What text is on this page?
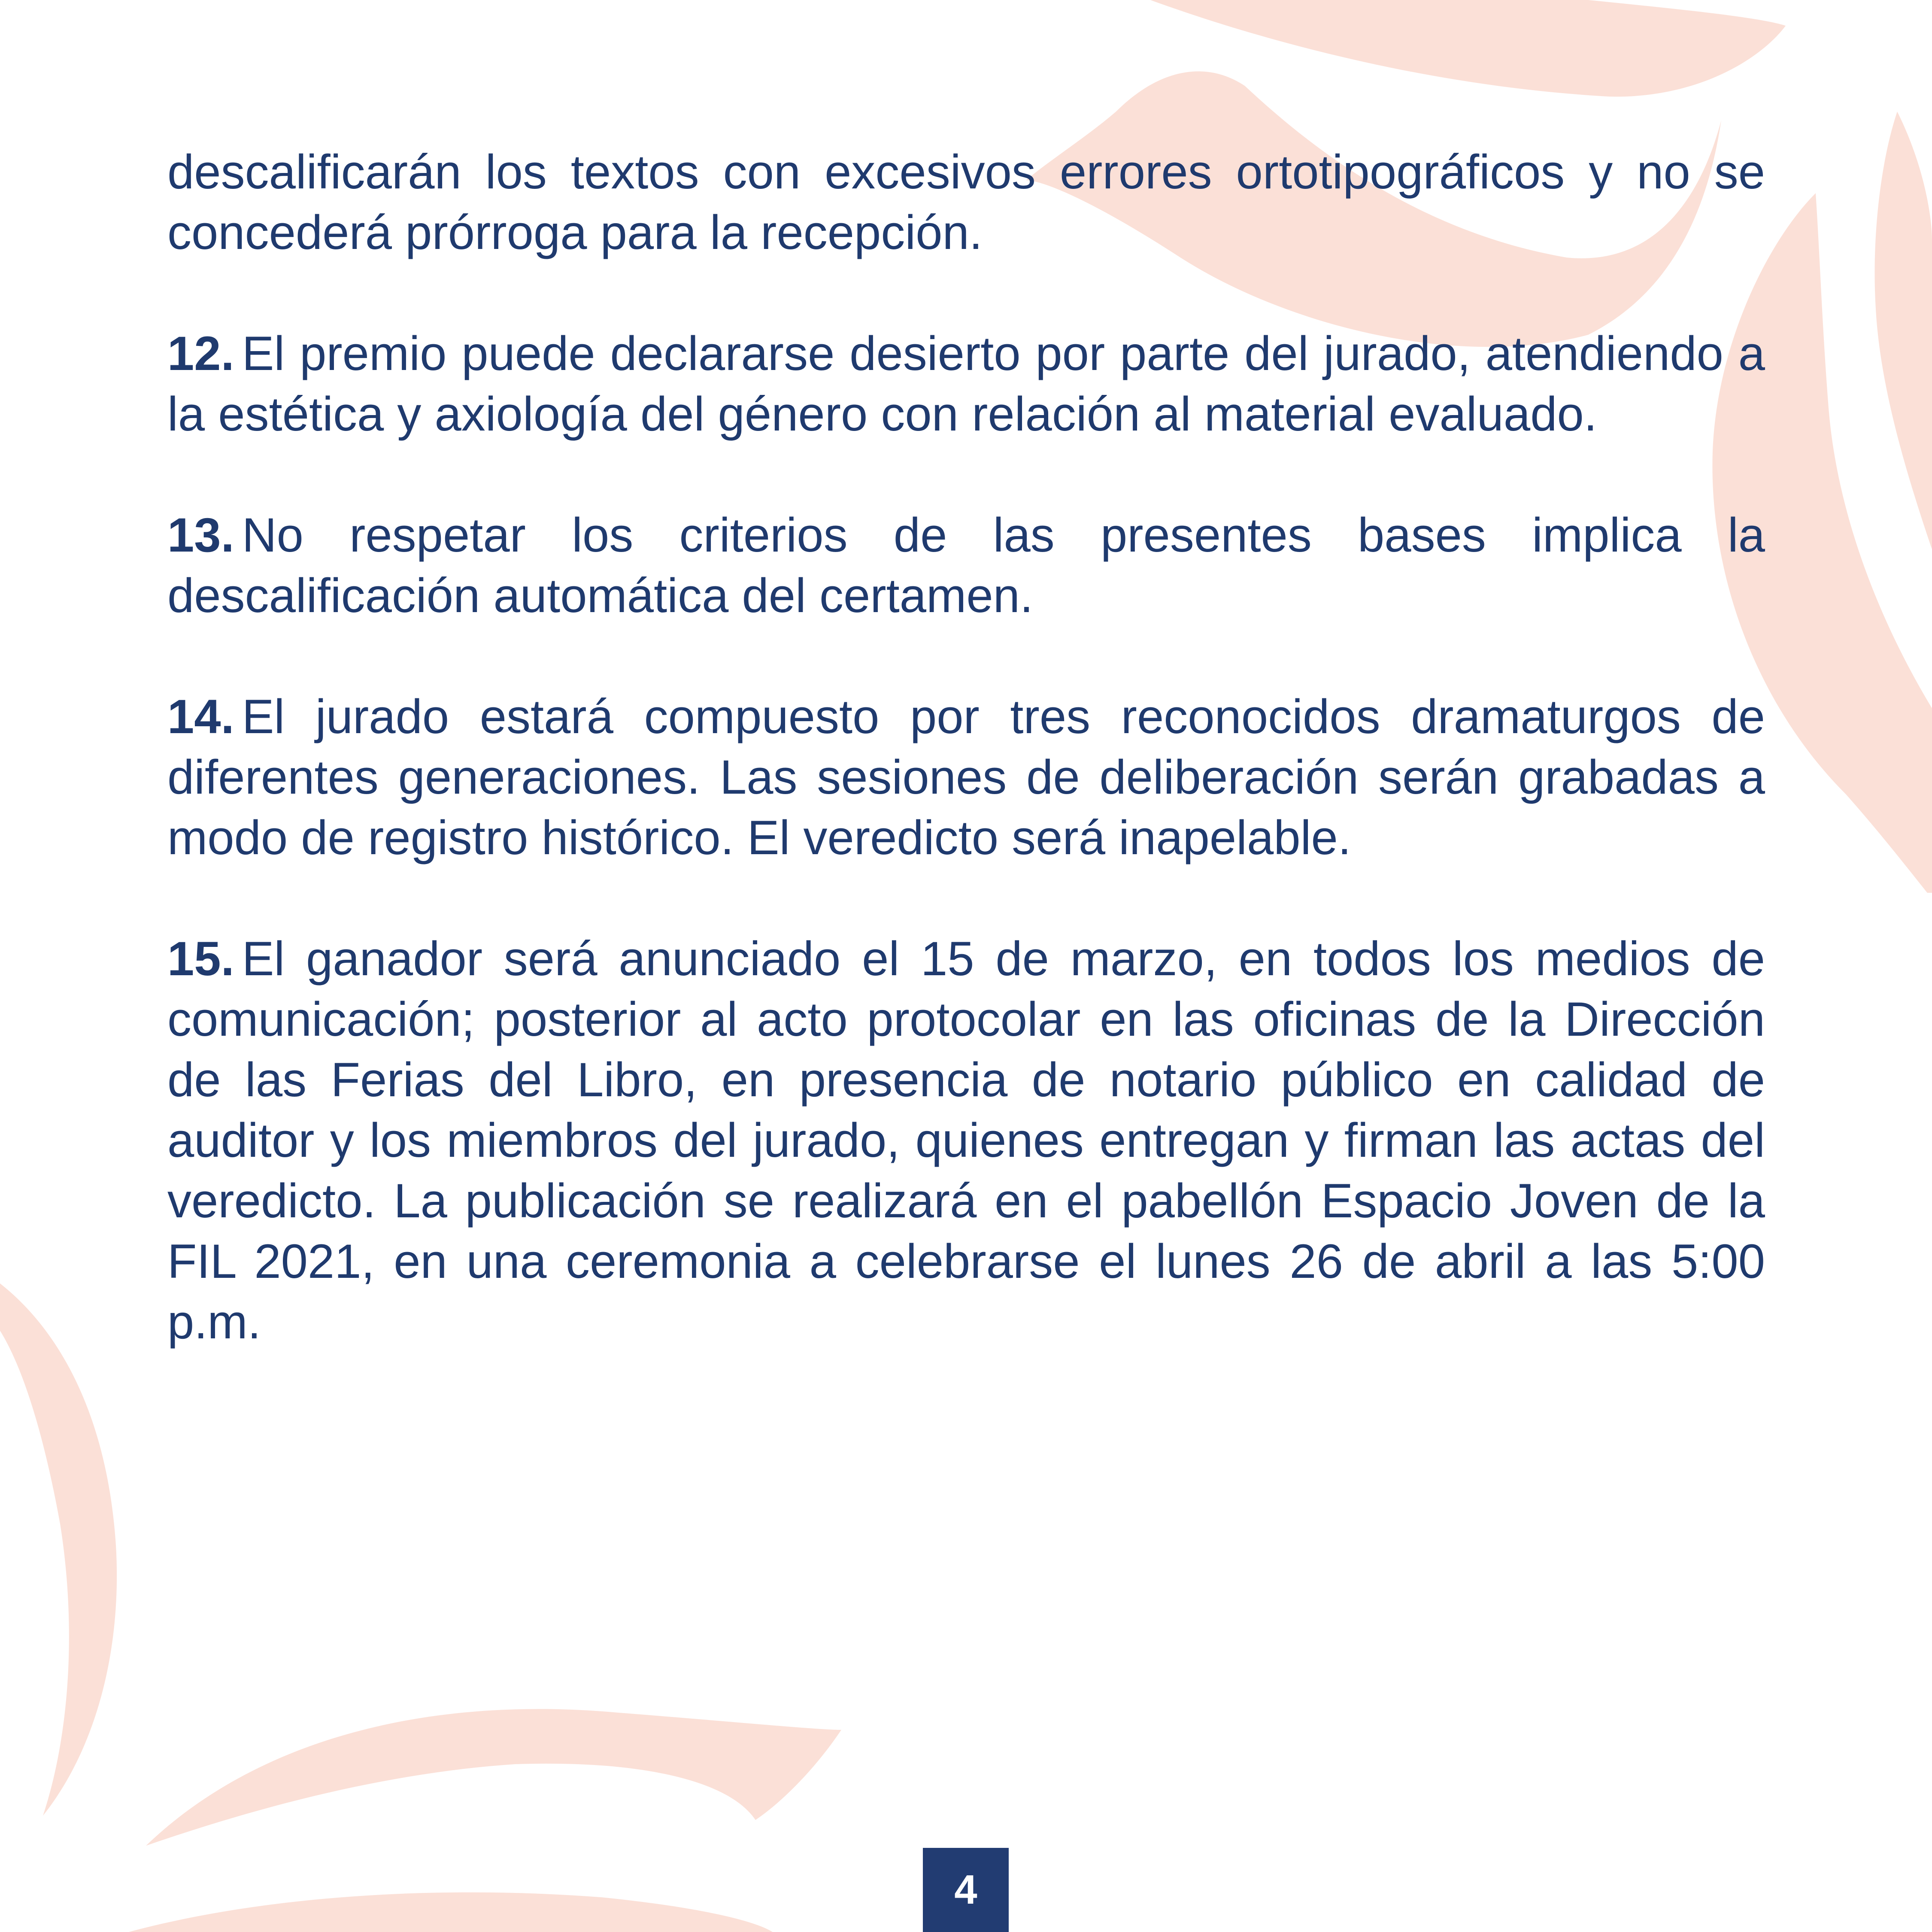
descalificarán los textos con excesivos errores ortotipográficos y no se concederá prórroga para la recepción.

12. El premio puede declararse desierto por parte del jurado, atendiendo a la estética y axiología del género con relación al material evaluado.

13. No respetar los criterios de las presentes bases implica la descalificación automática del certamen.

14. El jurado estará compuesto por tres reconocidos dramaturgos de diferentes generaciones. Las sesiones de deliberación serán grabadas a modo de registro histórico. El veredicto será inapelable.

15. El ganador será anunciado el 15 de marzo, en todos los medios de comunicación; posterior al acto protocolar en las oficinas de la Dirección de las Ferias del Libro, en presencia de notario público en calidad de auditor y los miembros del jurado, quienes entregan y firman las actas del veredicto. La publicación se realizará en el pabellón Espacio Joven de la FIL 2021, en una ceremonia a celebrarse el lunes 26 de abril a las 5:00 p.m.

4
